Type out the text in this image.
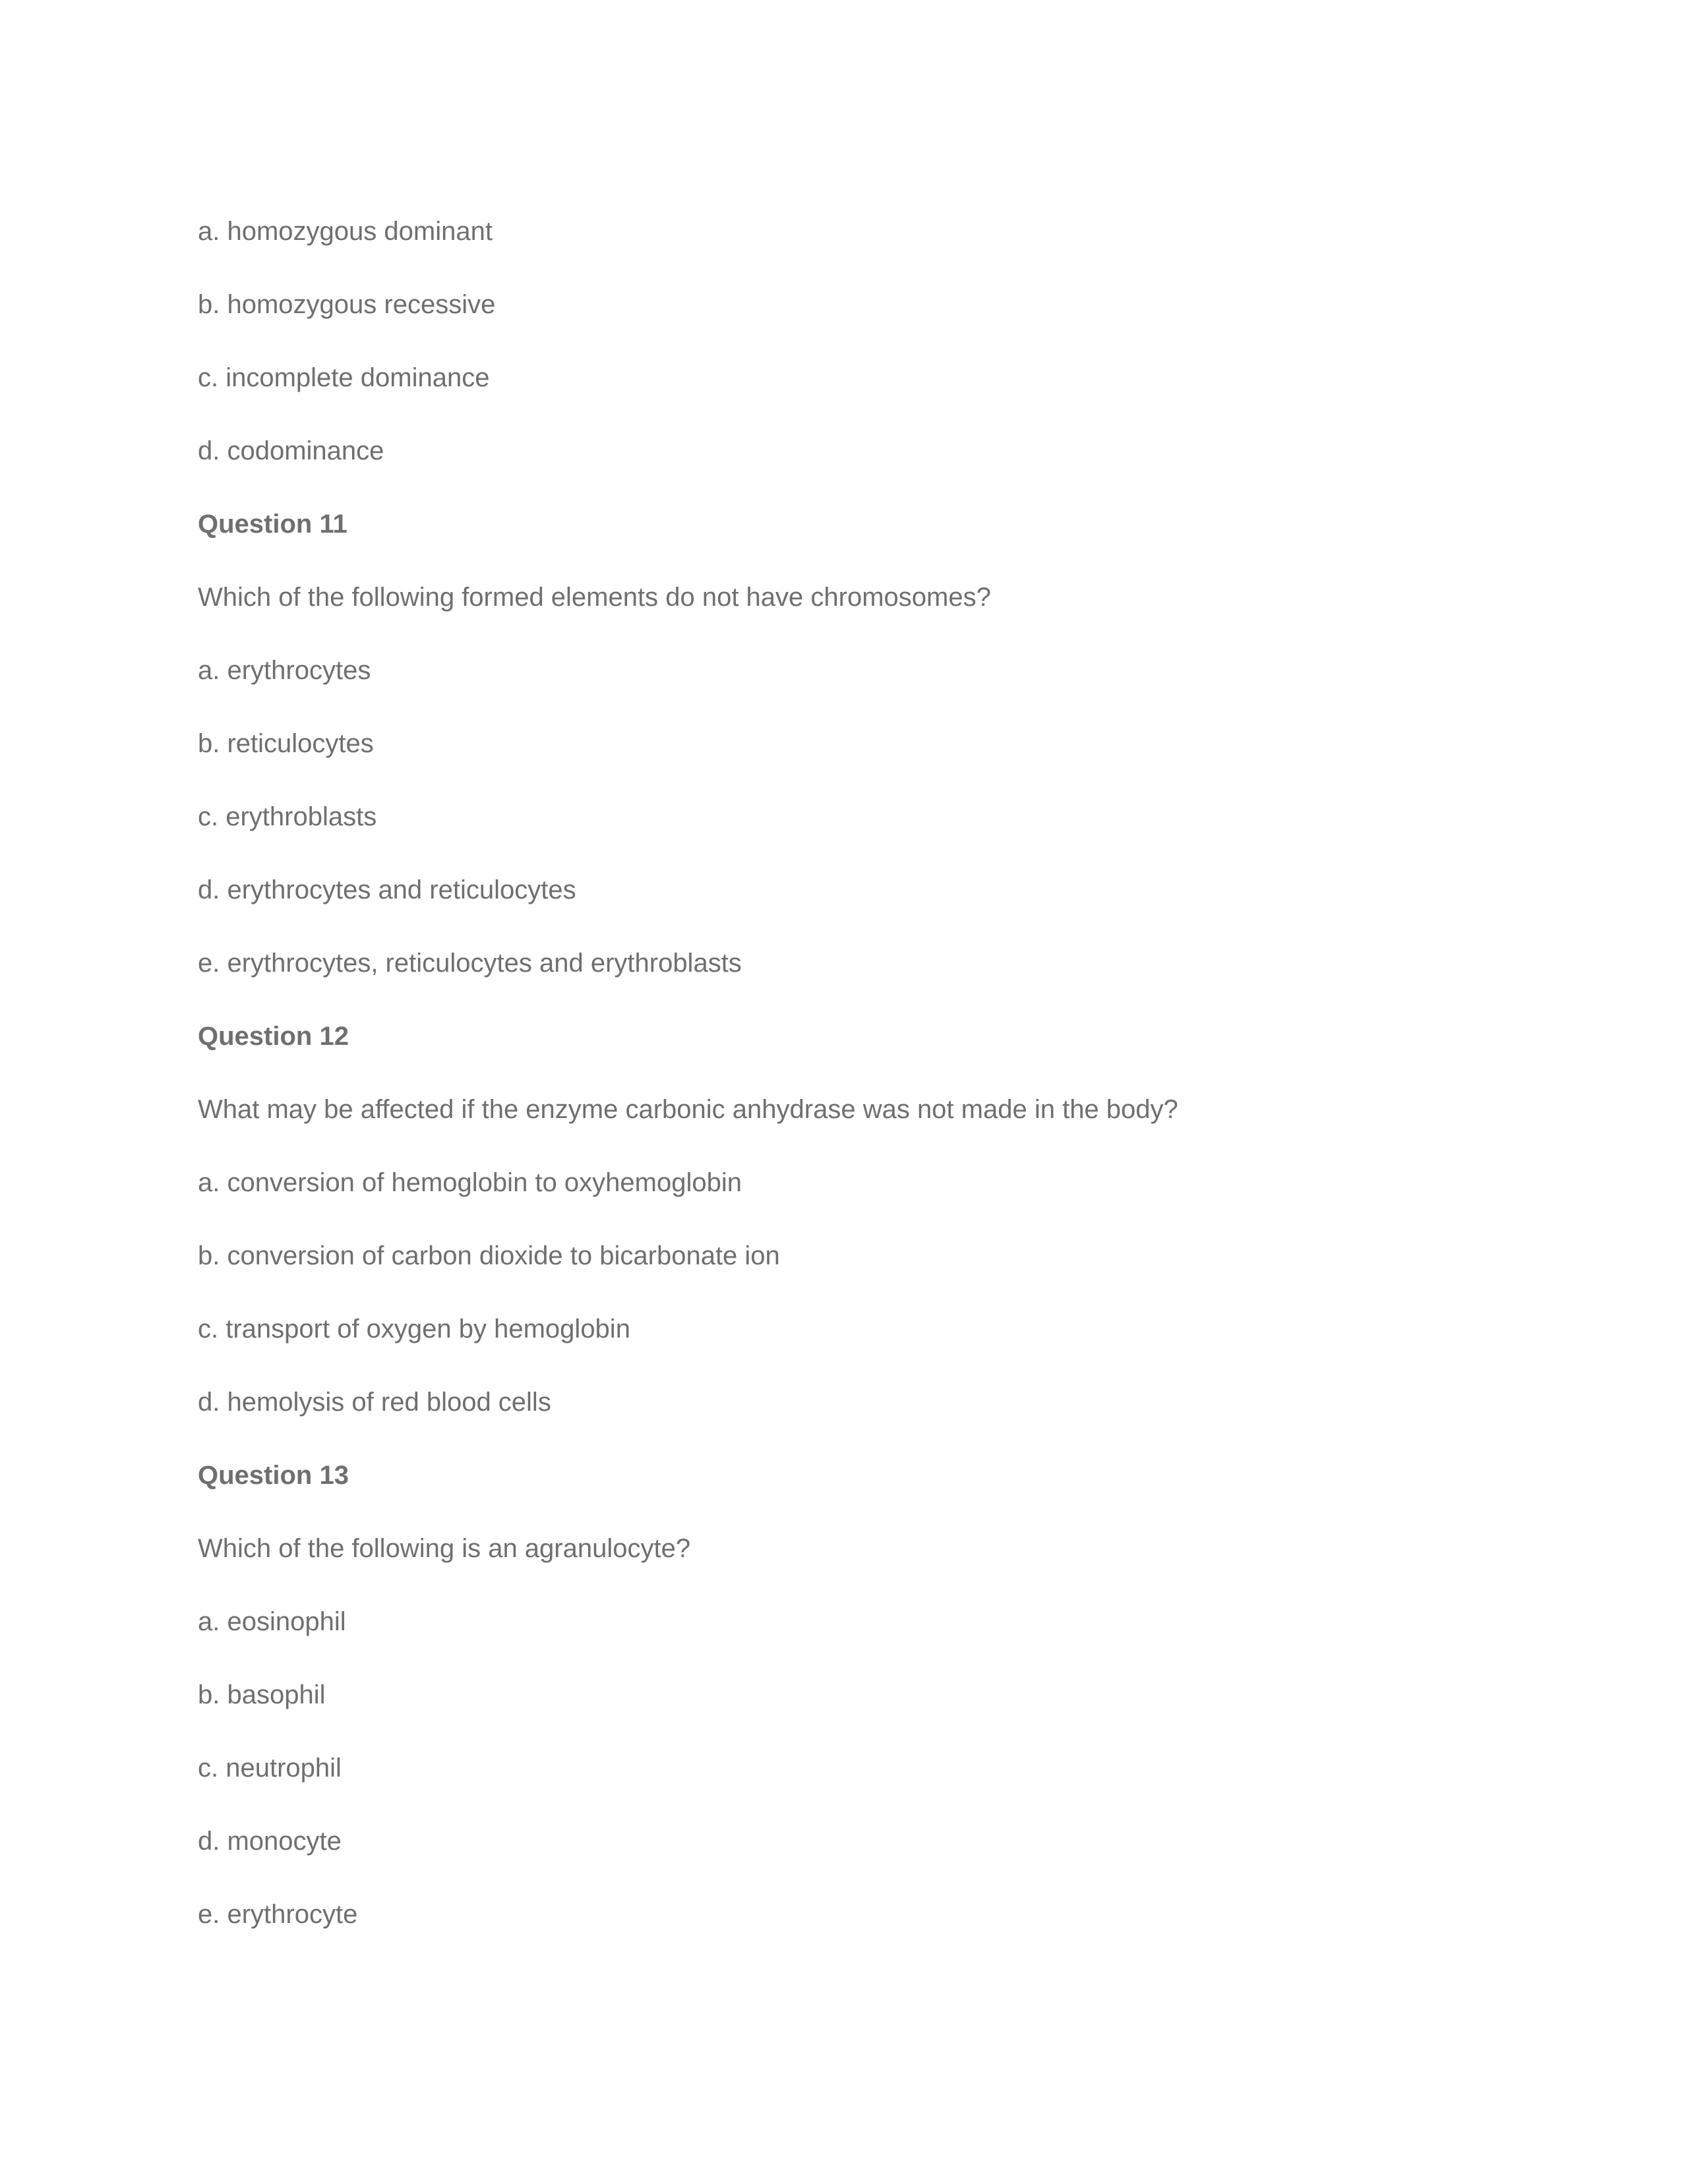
a. homozygous dominant
b. homozygous recessive
c. incomplete dominance
d. codominance
Question 11
Which of the following formed elements do not have chromosomes?
a. erythrocytes
b. reticulocytes
c. erythroblasts
d. erythrocytes and reticulocytes
e. erythrocytes, reticulocytes and erythroblasts
Question 12
What may be affected if the enzyme carbonic anhydrase was not made in the body?
a. conversion of hemoglobin to oxyhemoglobin
b. conversion of carbon dioxide to bicarbonate ion
c. transport of oxygen by hemoglobin
d. hemolysis of red blood cells
Question 13
Which of the following is an agranulocyte?
a. eosinophil
b. basophil
c. neutrophil
d. monocyte
e. erythrocyte
